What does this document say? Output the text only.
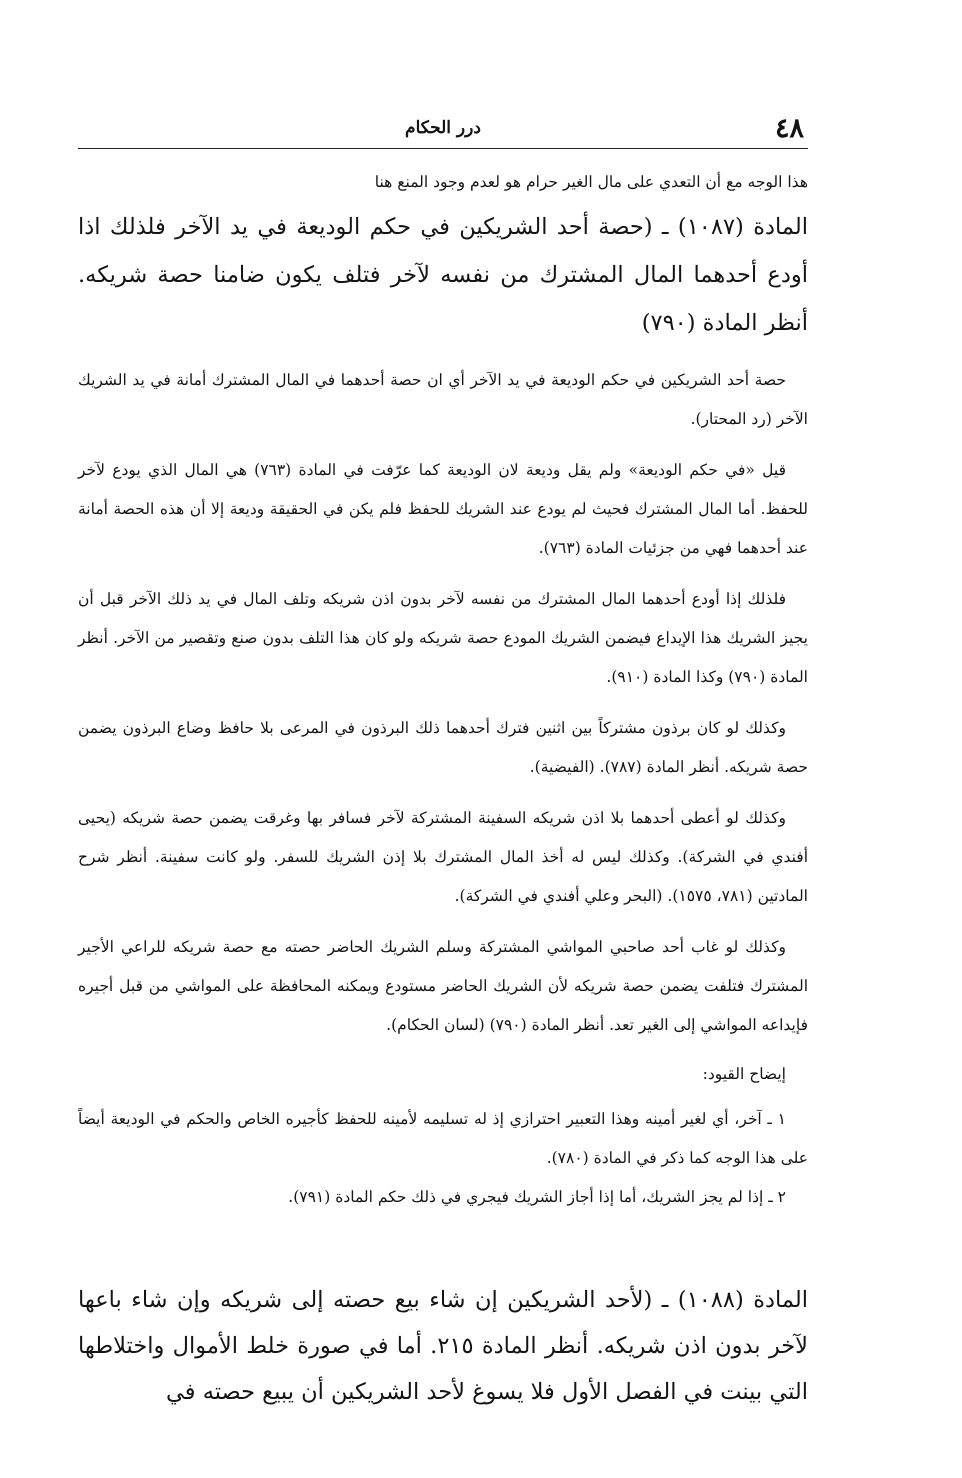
٤٨
درر الحكام

هذا الوجه مع أن التعدي على مال الغير حرام هو لعدم وجود المنع هنا

المادة (١٠٨٧) ـ (حصة أحد الشريكين في حكم الوديعة في يد الآخر فلذلك اذا أودع أحدهما المال المشترك من نفسه لآخر فتلف يكون ضامنا حصة شريكه. أنظر المادة (٧٩٠)

حصة أحد الشريكين في حكم الوديعة في يد الآخر أي ان حصة أحدهما في المال المشترك أمانة في يد الشريك الآخر (رد المحتار).

قيل «في حكم الوديعة» ولم يقل وديعة لان الوديعة كما عرّفت في المادة (٧٦٣) هي المال الذي يودع لآخر للحفظ. أما المال المشترك فحيث لم يودع عند الشريك للحفظ فلم يكن في الحقيقة وديعة إلا أن هذه الحصة أمانة عند أحدهما فهي من جزئيات المادة (٧٦٣).

فلذلك إذا أودع أحدهما المال المشترك من نفسه لآخر بدون اذن شريكه وتلف المال في يد ذلك الآخر قبل أن يجيز الشريك هذا الإيداع فيضمن الشريك المودع حصة شريكه ولو كان هذا التلف بدون صنع وتقصير من الآخر. أنظر المادة (٧٩٠) وكذا المادة (٩١٠).

وكذلك لو كان برذون مشتركاً بين اثنين فترك أحدهما ذلك البرذون في المرعى بلا حافظ وضاع البرذون يضمن حصة شريكه. أنظر المادة (٧٨٧). (الفيضية).

وكذلك لو أعطى أحدهما بلا اذن شريكه السفينة المشتركة لآخر فسافر بها وغرقت يضمن حصة شريكه (يحيى أفندي في الشركة). وكذلك ليس له أخذ المال المشترك بلا إذن الشريك للسفر. ولو كانت سفينة. أنظر شرح المادتين (٧٨١، ١٥٧٥). (البحر وعلي أفندي في الشركة).

وكذلك لو غاب أحد صاحبي المواشي المشتركة وسلم الشريك الحاضر حصته مع حصة شريكه للراعي الأجير المشترك فتلفت يضمن حصة شريكه لأن الشريك الحاضر مستودع ويمكنه المحافظة على المواشي من قبل أجيره فإيداعه المواشي إلى الغير تعد. أنظر المادة (٧٩٠) (لسان الحكام).

إيضاح القيود:

١ ـ آخر، أي لغير أمينه وهذا التعبير احترازي إذ له تسليمه لأمينه للحفظ كأجيره الخاص والحكم في الوديعة أيضاً على هذا الوجه كما ذكر في المادة (٧٨٠).

٢ ـ إذا لم يجز الشريك، أما إذا أجاز الشريك فيجري في ذلك حكم المادة (٧٩١).

المادة (١٠٨٨) ـ (لأحد الشريكين إن شاء بيع حصته إلى شريكه وإن شاء باعها لآخر بدون اذن شريكه. أنظر المادة ٢١٥. أما في صورة خلط الأموال واختلاطها التي بينت في الفصل الأول فلا يسوغ لأحد الشريكين أن يبيع حصته في
